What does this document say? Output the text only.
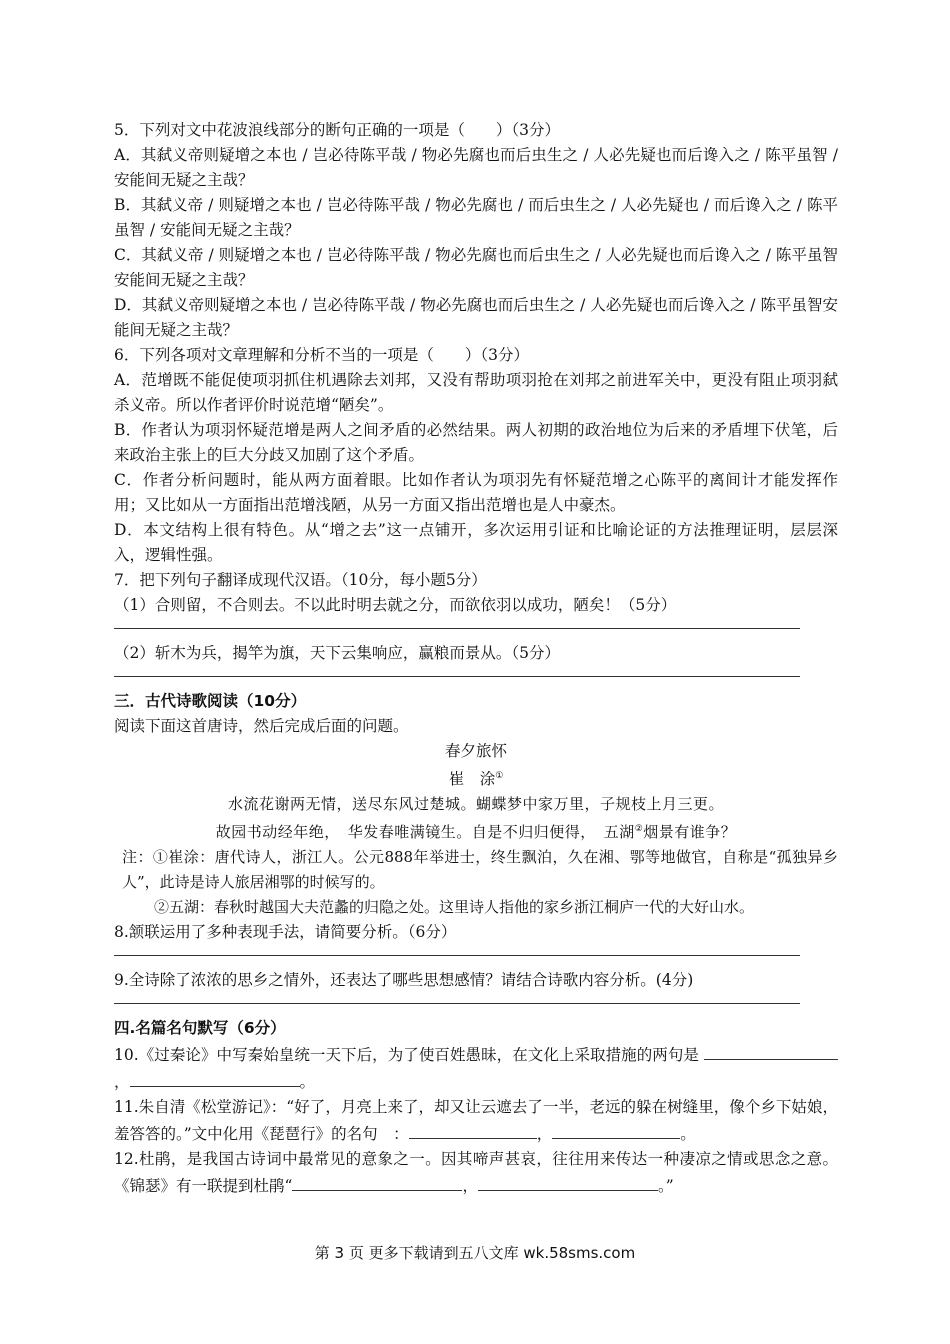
5．下列对文中花波浪线部分的断句正确的一项是（　　）（3分）

A．其弑义帝则疑增之本也 / 岂必待陈平哉 / 物必先腐也而后虫生之 / 人必先疑也而后谗入之 / 陈平虽智 / 安能间无疑之主哉？

B．其弑义帝 / 则疑增之本也 / 岂必待陈平哉 / 物必先腐也 / 而后虫生之 / 人必先疑也 / 而后谗入之 / 陈平虽智 / 安能间无疑之主哉？

C．其弑义帝 / 则疑增之本也 / 岂必待陈平哉 / 物必先腐也而后虫生之 / 人必先疑也而后谗入之 / 陈平虽智安能间无疑之主哉？

D．其弑义帝则疑增之本也 / 岂必待陈平哉 / 物必先腐也而后虫生之 / 人必先疑也而后谗入之 / 陈平虽智安能间无疑之主哉？

6．下列各项对文章理解和分析不当的一项是（　　）（3分）

A．范增既不能促使项羽抓住机遇除去刘邦，又没有帮助项羽抢在刘邦之前进军关中，更没有阻止项羽弑杀义帝。所以作者评价时说范增“陋矣”。

B．作者认为项羽怀疑范增是两人之间矛盾的必然结果。两人初期的政治地位为后来的矛盾埋下伏笔，后来政治主张上的巨大分歧又加剧了这个矛盾。

C．作者分析问题时，能从两方面着眼。比如作者认为项羽先有怀疑范增之心陈平的离间计才能发挥作用；又比如从一方面指出范增浅陋，从另一方面又指出范增也是人中豪杰。

D．本文结构上很有特色。从“增之去”这一点铺开，多次运用引证和比喻论证的方法推理证明，层层深入，逻辑性强。

7．把下列句子翻译成现代汉语。（10分，每小题5分）

（1）合则留，不合则去。不以此时明去就之分，而欲依羽以成功，陋矣！（5分）

（2）斩木为兵，揭竿为旗，天下云集响应，赢粮而景从。（5分）

三．古代诗歌阅读（10分）

阅读下面这首唐诗，然后完成后面的问题。

春夕旅怀

崔　涂①

水流花谢两无情，送尽东风过楚城。蝴蝶梦中家万里，子规枝上月三更。

故园书动经年绝，　华发春唯满镜生。自是不归归便得，　五湖②烟景有谁争？

注：①崔涂：唐代诗人，浙江人。公元888年举进士，终生飘泊，久在湘、鄂等地做官，自称是“孤独异乡人”，此诗是诗人旅居湘鄂的时候写的。

②五湖：春秋时越国大夫范蠡的归隐之处。这里诗人指他的家乡浙江桐庐一代的大好山水。

8.颔联运用了多种表现手法，请简要分析。（6分）

9.全诗除了浓浓的思乡之情外，还表达了哪些思想感情？请结合诗歌内容分析。(4分)

四.名篇名句默写（6分）

10.《过秦论》中写秦始皇统一天下后，为了使百姓愚昧，在文化上采取措施的两句是 ，	。

11.朱自清《松堂游记》：“好了，月亮上来了，却又让云遮去了一半，老远的躲在树缝里，像个乡下姑娘，羞答答的。”文中化用《琵琶行》的名句　：	，	。

12.杜鹃，是我国古诗词中最常见的意象之一。因其啼声甚哀，往往用来传达一种凄凉之情或思念之意。《锦瑟》有一联提到杜鹃“	，	。”

第 3 页 更多下载请到五八文库 wk.58sms.com
